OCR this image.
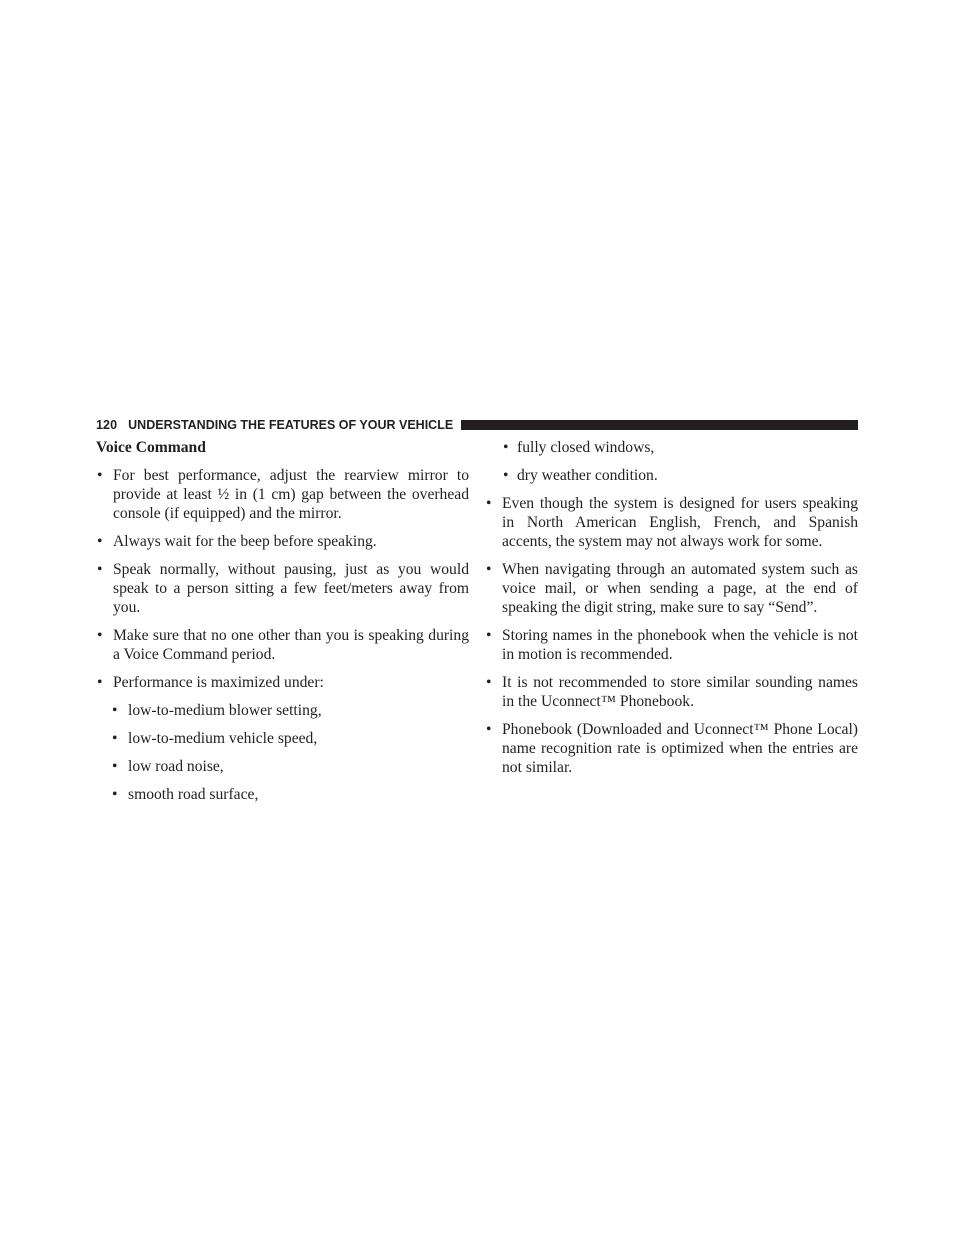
120 UNDERSTANDING THE FEATURES OF YOUR VEHICLE
Voice Command
• For best performance, adjust the rearview mirror to provide at least ½ in (1 cm) gap between the overhead console (if equipped) and the mirror.
• Always wait for the beep before speaking.
• Speak normally, without pausing, just as you would speak to a person sitting a few feet/meters away from you.
• Make sure that no one other than you is speaking during a Voice Command period.
• Performance is maximized under:
• low-to-medium blower setting,
• low-to-medium vehicle speed,
• low road noise,
• smooth road surface,
• fully closed windows,
• dry weather condition.
• Even though the system is designed for users speaking in North American English, French, and Spanish accents, the system may not always work for some.
• When navigating through an automated system such as voice mail, or when sending a page, at the end of speaking the digit string, make sure to say “Send”.
• Storing names in the phonebook when the vehicle is not in motion is recommended.
• It is not recommended to store similar sounding names in the Uconnect™ Phonebook.
• Phonebook (Downloaded and Uconnect™ Phone Local) name recognition rate is optimized when the entries are not similar.
